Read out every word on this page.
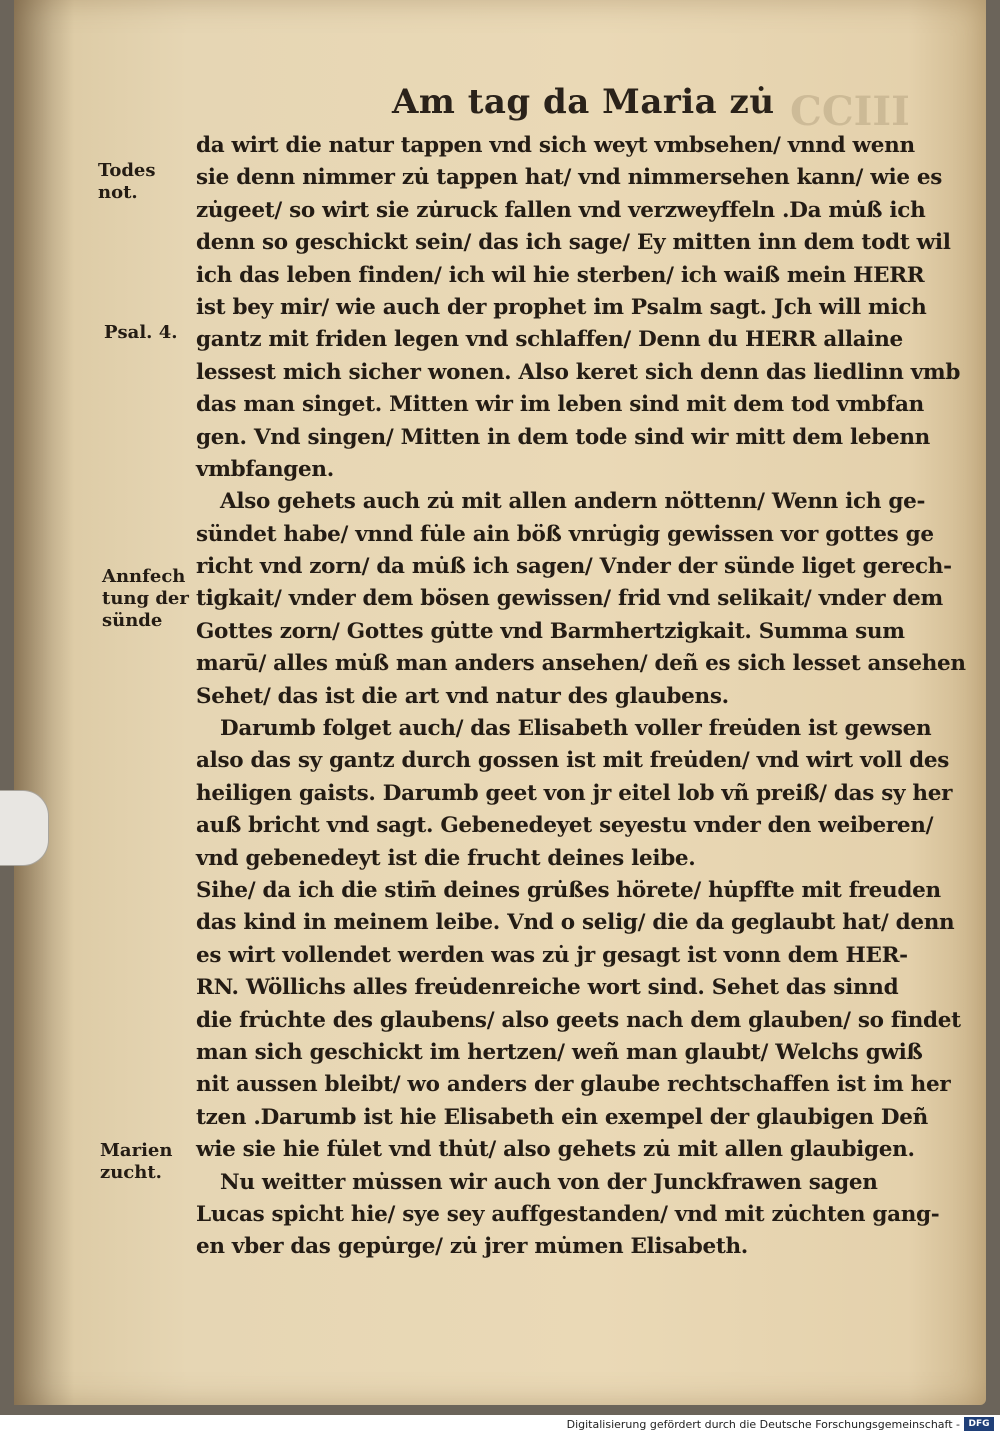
CCIII
Am tag da Maria zu̇
Todes
not.
Psal. 4.
Annfech
tung der
sünde
Marien
zucht.
da wirt die natur tappen vnd sich weyt vmbsehen/ vnnd wenn
sie denn nimmer zu̇ tappen hat/ vnd nimmersehen kann/ wie es
zu̇geet/ so wirt sie zu̇ruck fallen vnd verzweyffeln .Da mu̇ß ich
denn so geschickt sein/ das ich sage/ Ey mitten inn dem todt wil
ich das leben finden/ ich wil hie sterben/ ich waiß mein HERR
ist bey mir/ wie auch der prophet im Psalm sagt. Jch will mich
gantz mit friden legen vnd schlaffen/ Denn du HERR allaine
lessest mich sicher wonen. Also keret sich denn das liedlinn vmb
das man singet. Mitten wir im leben sind mit dem tod vmbfan
gen. Vnd singen/ Mitten in dem tode sind wir mitt dem lebenn
vmbfangen.
Also gehets auch zu̇ mit allen andern nöttenn/ Wenn ich ge-
sündet habe/ vnnd fu̇le ain böß vnru̇gig gewissen vor gottes ge
richt vnd zorn/ da mu̇ß ich sagen/ Vnder der sünde liget gerech-
tigkait/ vnder dem bösen gewissen/ frid vnd selikait/ vnder dem
Gottes zorn/ Gottes gu̇tte vnd Barmhertzigkait. Summa sum
marū/ alles mu̇ß man anders ansehen/ deñ es sich lesset ansehen
Sehet/ das ist die art vnd natur des glaubens.
Darumb folget auch/ das Elisabeth voller freu̇den ist gewsen
also das sy gantz durch gossen ist mit freu̇den/ vnd wirt voll des
heiligen gaists. Darumb geet von jr eitel lob vñ preiß/ das sy her
auß bricht vnd sagt. Gebenedeyet seyestu vnder den weiberen/
vnd gebenedeyt ist die frucht deines leibe.
Sihe/ da ich die stim̄ deines gru̇ßes hörete/ hu̇pffte mit freuden
das kind in meinem leibe. Vnd o selig/ die da geglaubt hat/ denn
es wirt vollendet werden was zu̇ jr gesagt ist vonn dem HER-
RN. Wöllichs alles freu̇denreiche wort sind. Sehet das sinnd
die fru̇chte des glaubens/ also geets nach dem glauben/ so findet
man sich geschickt im hertzen/ weñ man glaubt/ Welchs gwiß
nit aussen bleibt/ wo anders der glaube rechtschaffen ist im her
tzen .Darumb ist hie Elisabeth ein exempel der glaubigen Deñ
wie sie hie fu̇let vnd thu̇t/ also gehets zu̇ mit allen glaubigen.
Nu weitter mu̇ssen wir auch von der Junckfrawen sagen
Lucas spicht hie/ sye sey auffgestanden/ vnd mit zu̇chten gang-
en vber das gepu̇rge/ zu̇ jrer mu̇men Elisabeth.
Digitalisierung gefördert durch die Deutsche Forschungsgemeinschaft - DFG
